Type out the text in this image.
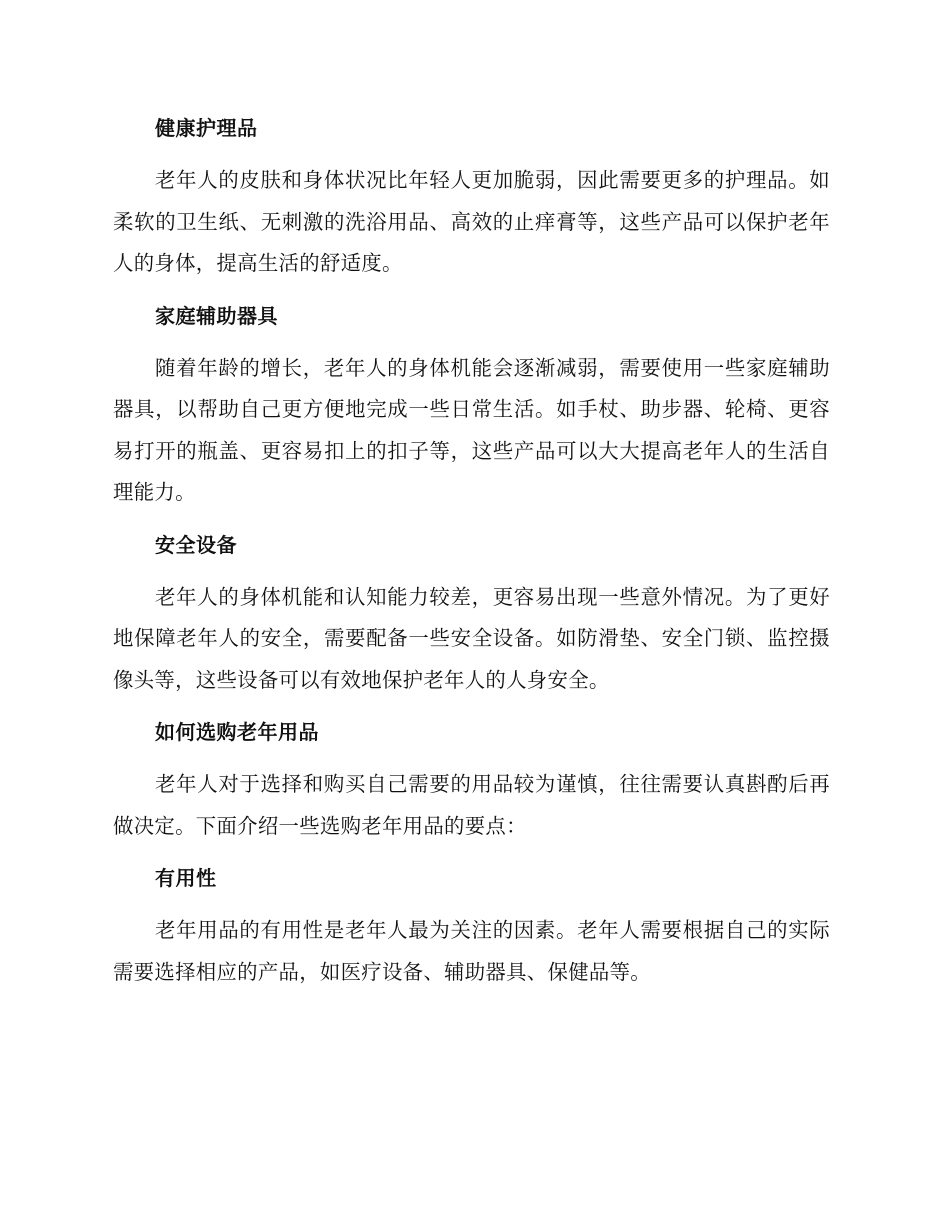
健康护理品

老年人的皮肤和身体状况比年轻人更加脆弱，因此需要更多的护理品。如柔软的卫生纸、无刺激的洗浴用品、高效的止痒膏等，这些产品可以保护老年人的身体，提高生活的舒适度。

家庭辅助器具

随着年龄的增长，老年人的身体机能会逐渐减弱，需要使用一些家庭辅助器具，以帮助自己更方便地完成一些日常生活。如手杖、助步器、轮椅、更容易打开的瓶盖、更容易扣上的扣子等，这些产品可以大大提高老年人的生活自理能力。

安全设备

老年人的身体机能和认知能力较差，更容易出现一些意外情况。为了更好地保障老年人的安全，需要配备一些安全设备。如防滑垫、安全门锁、监控摄像头等，这些设备可以有效地保护老年人的人身安全。

如何选购老年用品

老年人对于选择和购买自己需要的用品较为谨慎，往往需要认真斟酌后再做决定。下面介绍一些选购老年用品的要点：

有用性

老年用品的有用性是老年人最为关注的因素。老年人需要根据自己的实际需要选择相应的产品，如医疗设备、辅助器具、保健品等。
